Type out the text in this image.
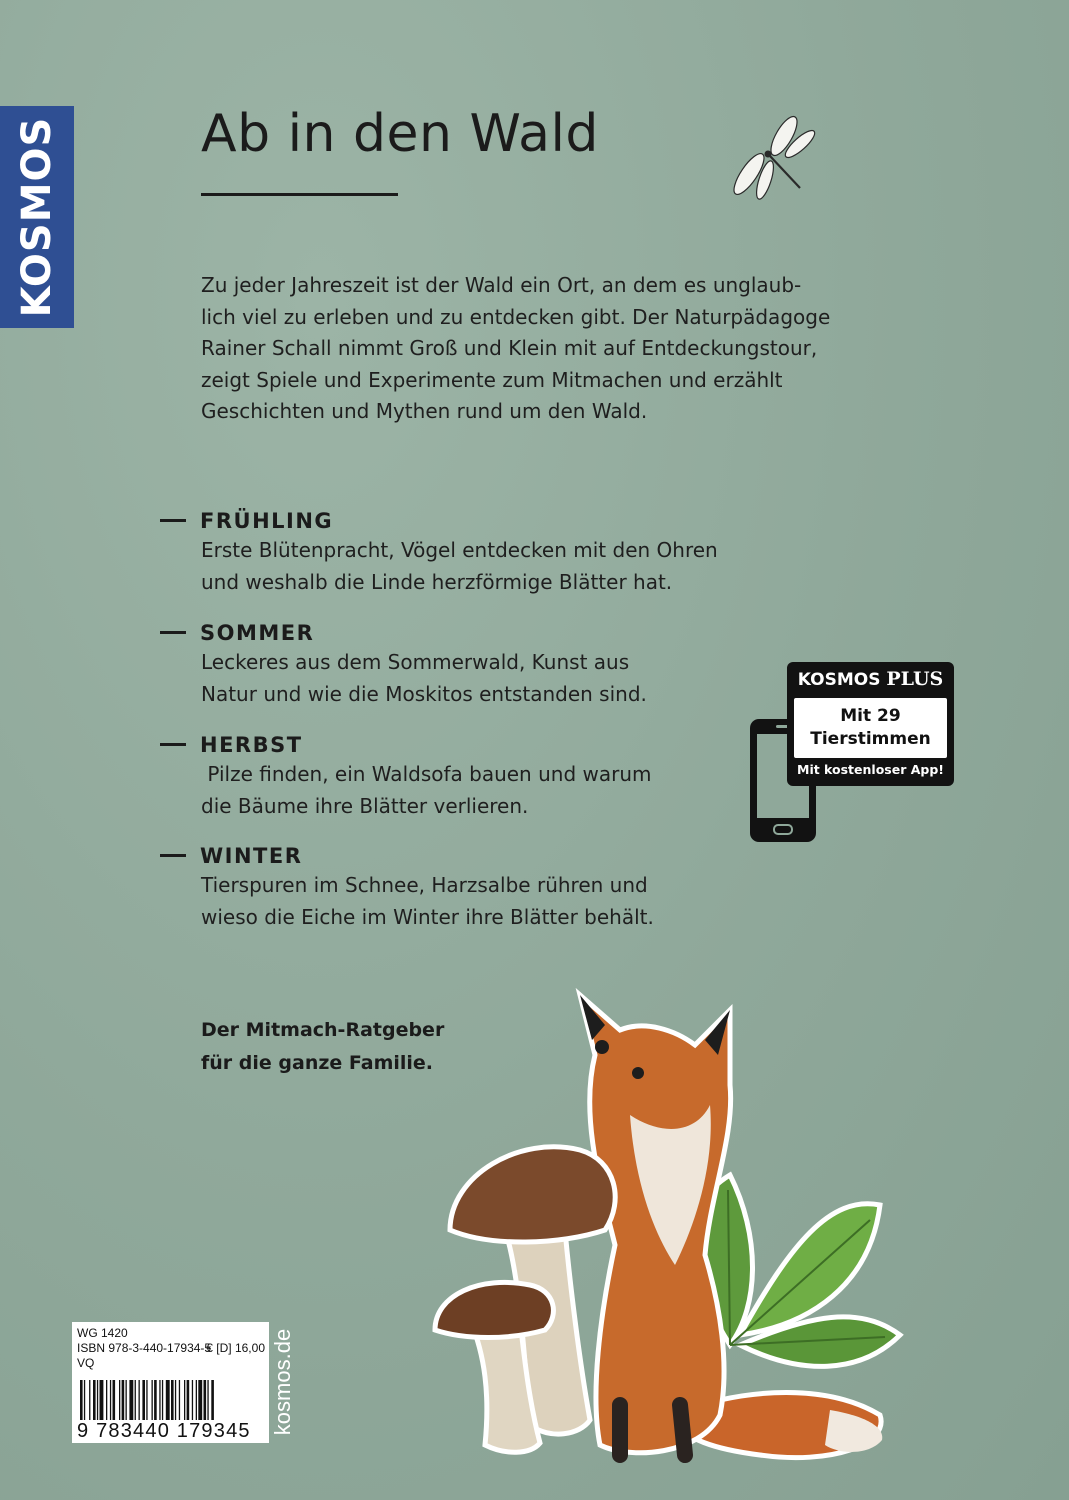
KOSMOS	Ab in den Wald
Zu jeder Jahreszeit ist der Wald ein Ort, an dem es unglaub-
lich viel zu erleben und zu entdecken gibt. Der Naturpädagoge
Rainer Schall nimmt Groß und Klein mit auf Entdeckungstour,
zeigt Spiele und Experimente zum Mitmachen und erzählt
Geschichten und Mythen rund um den Wald.
FRÜHLING
Erste Blütenpracht, Vögel entdecken mit den Ohren
und weshalb die Linde herzförmige Blätter hat.
SOMMER
Leckeres aus dem Sommerwald, Kunst aus
Natur und wie die Moskitos entstanden sind.
HERBST
Pilze finden, ein Waldsofa bauen und warum
die Bäume ihre Blätter verlieren.
WINTER
Tierspuren im Schnee, Harzsalbe rühren und
wieso die Eiche im Winter ihre Blätter behält.
Der Mitmach-Ratgeber
für die ganze Familie.
KOSMOS PLUS
Mit 29
Tierstimmen
Mit kostenloser App!
WG 1420
ISBN 978-3-440-17934-5
€ [D] 16,00
VQ
9 783440 179345 kosmos.de
